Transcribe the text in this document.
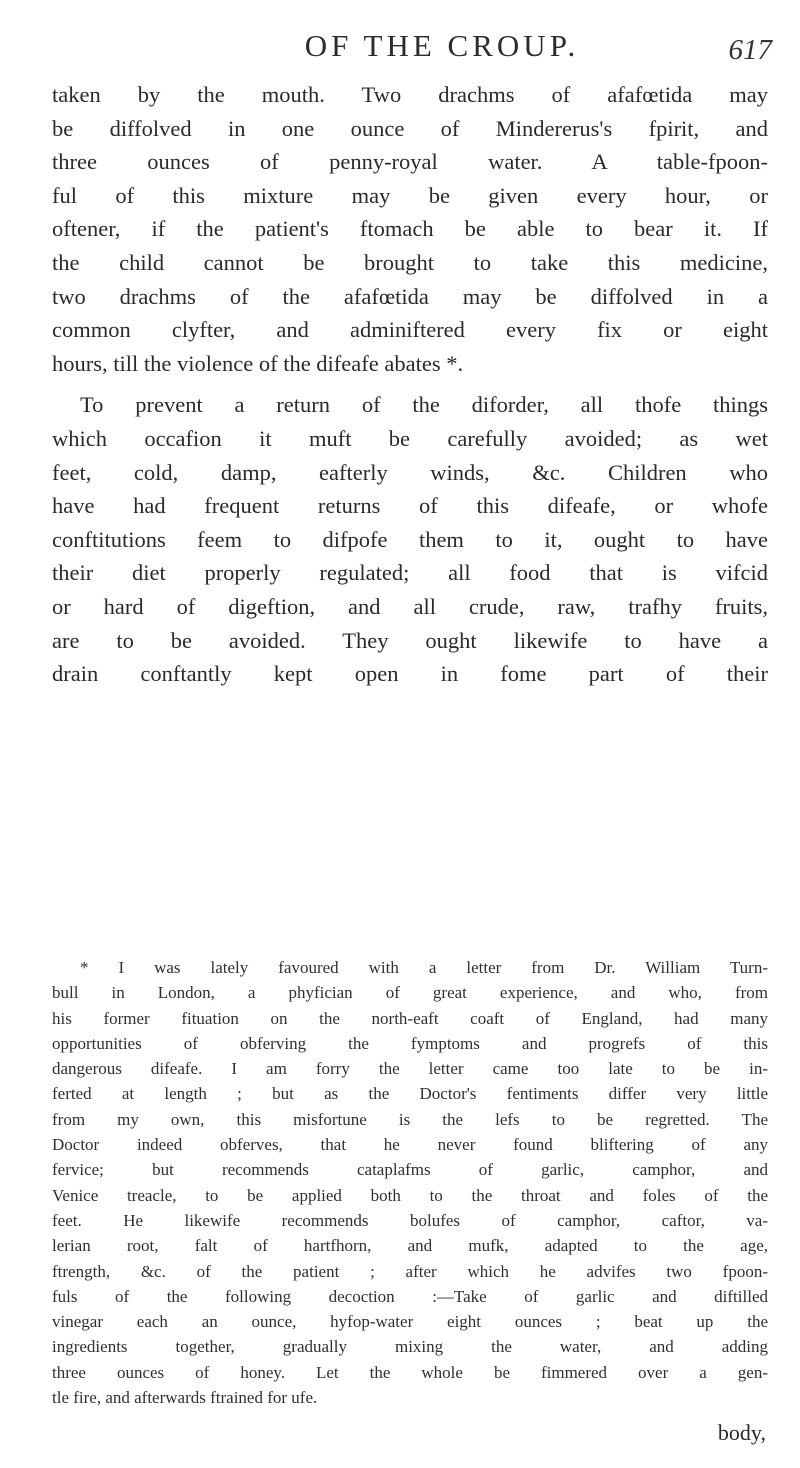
OF THE CROUP.	617

taken by the mouth. Two drachms of afafœtida may
be diffolved in one ounce of Mindererus's fpirit, and
three ounces of penny-royal water. A table-fpoon-
ful of this mixture may be given every hour, or
oftener, if the patient's ftomach be able to bear it. If
the child cannot be brought to take this medicine,
two drachms of the afafœtida may be diffolved in a
common clyfter, and adminiftered every fix or eight
hours, till the violence of the difeafe abates *.

To prevent a return of the diforder, all thofe things
which occafion it muft be carefully avoided; as wet
feet, cold, damp, eafterly winds, &c. Children who
have had frequent returns of this difeafe, or whofe
conftitutions feem to difpofe them to it, ought to have
their diet properly regulated; all food that is vifcid
or hard of digeftion, and all crude, raw, trafhy fruits,
are to be avoided. They ought likewife to have a
drain conftantly kept open in fome part of their

* I was lately favoured with a letter from Dr. William Turn-
bull in London, a phyfician of great experience, and who, from
his former fituation on the north-eaft coaft of England, had many
opportunities of obferving the fymptoms and progrefs of this
dangerous difeafe. I am forry the letter came too late to be in-
ferted at length ; but as the Doctor's fentiments differ very little
from my own, this misfortune is the lefs to be regretted. The
Doctor indeed obferves, that he never found bliftering of any
fervice; but recommends cataplafms of garlic, camphor, and
Venice treacle, to be applied both to the throat and foles of the
feet. He likewife recommends bolufes of camphor, caftor, va-
lerian root, falt of hartfhorn, and mufk, adapted to the age,
ftrength, &c. of the patient ; after which he advifes two fpoon-
fuls of the following decoction :—Take of garlic and diftilled
vinegar each an ounce, hyfop-water eight ounces ; beat up the
ingredients together, gradually mixing the water, and adding
three ounces of honey. Let the whole be fimmered over a gen-
tle fire, and afterwards ftrained for ufe.
body,
